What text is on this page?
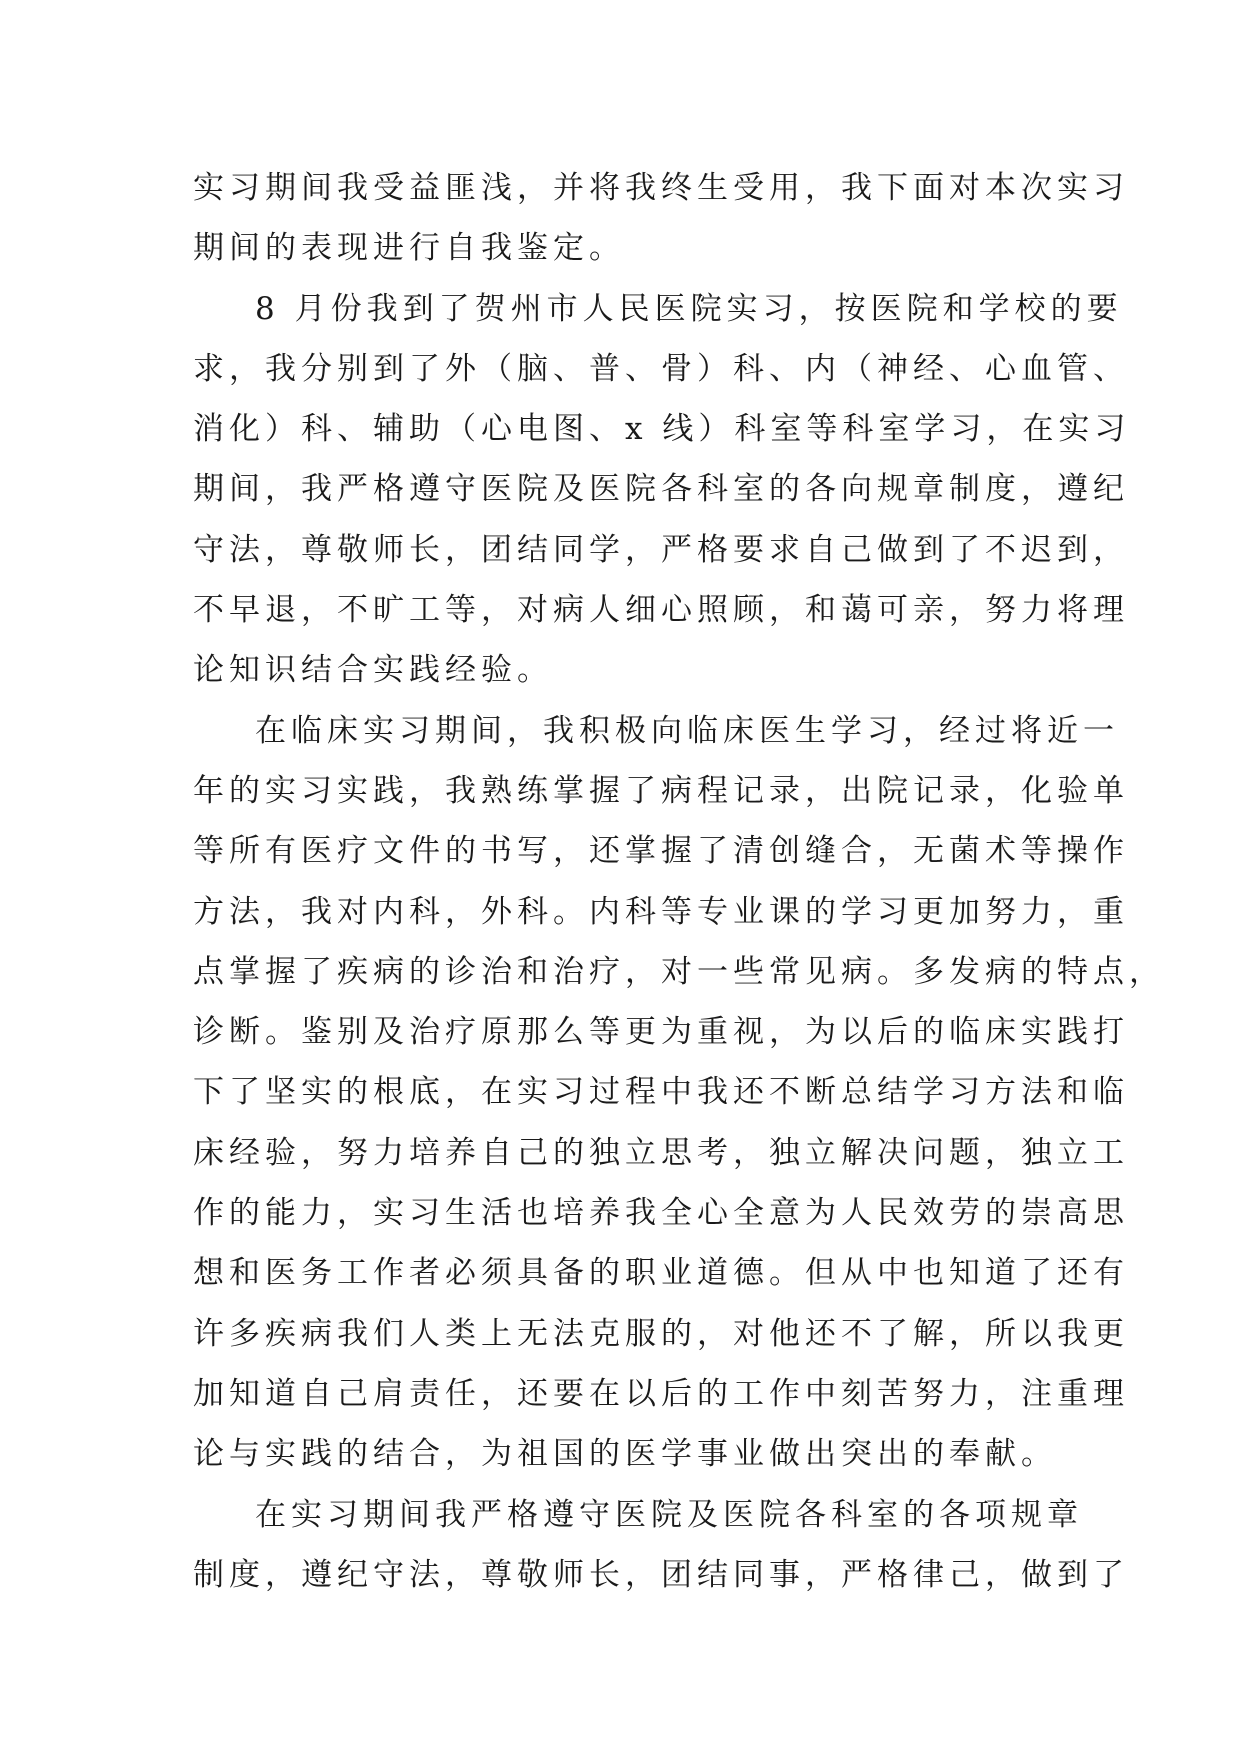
实习期间我受益匪浅，并将我终生受用，我下面对本次实习
期间的表现进行自我鉴定。
8 月份我到了贺州市人民医院实习，按医院和学校的要
求，我分别到了外（脑、普、骨）科、内（神经、心血管、
消化）科、辅助（心电图、x 线）科室等科室学习，在实习
期间，我严格遵守医院及医院各科室的各向规章制度，遵纪
守法，尊敬师长，团结同学，严格要求自己做到了不迟到，
不早退，不旷工等，对病人细心照顾，和蔼可亲，努力将理
论知识结合实践经验。
在临床实习期间，我积极向临床医生学习，经过将近一
年的实习实践，我熟练掌握了病程记录，出院记录，化验单
等所有医疗文件的书写，还掌握了清创缝合，无菌术等操作
方法，我对内科，外科。内科等专业课的学习更加努力，重
点掌握了疾病的诊治和治疗，对一些常见病。多发病的特点，
诊断。鉴别及治疗原那么等更为重视，为以后的临床实践打
下了坚实的根底，在实习过程中我还不断总结学习方法和临
床经验，努力培养自己的独立思考，独立解决问题，独立工
作的能力，实习生活也培养我全心全意为人民效劳的崇高思
想和医务工作者必须具备的职业道德。但从中也知道了还有
许多疾病我们人类上无法克服的，对他还不了解，所以我更
加知道自己肩责任，还要在以后的工作中刻苦努力，注重理
论与实践的结合，为祖国的医学事业做出突出的奉献。
在实习期间我严格遵守医院及医院各科室的各项规章
制度，遵纪守法，尊敬师长，团结同事，严格律己，做到了
